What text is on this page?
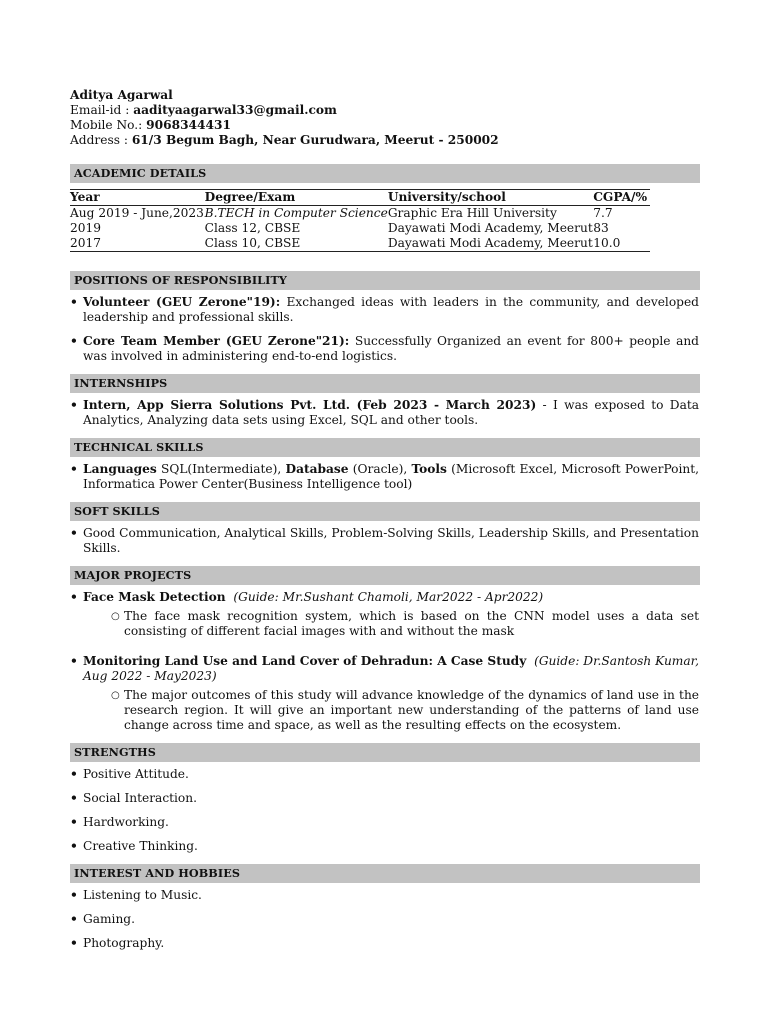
Aditya Agarwal
Email-id : aadityaagarwal33@gmail.com
Mobile No.: 9068344431
Address : 61/3 Begum Bagh, Near Gurudwara, Meerut - 250002
ACADEMIC DETAILS
Year	Degree/Exam	University/school	CGPA/%
Aug 2019 - June,2023	B.TECH in Computer Science	Graphic Era Hill University	7.7
2019	Class 12, CBSE	Dayawati Modi Academy, Meerut	83
2017	Class 10, CBSE	Dayawati Modi Academy, Meerut	10.0
POSITIONS OF RESPONSIBILITY
• Volunteer (GEU Zerone"19): Exchanged ideas with leaders in the community, and developed leadership and professional skills.
• Core Team Member (GEU Zerone"21): Successfully Organized an event for 800+ people and was involved in administering end-to-end logistics.
INTERNSHIPS
• Intern, App Sierra Solutions Pvt. Ltd. (Feb 2023 - March 2023) - I was exposed to Data Analytics, Analyzing data sets using Excel, SQL and other tools.
TECHNICAL SKILLS
• Languages SQL(Intermediate), Database (Oracle), Tools (Microsoft Excel, Microsoft PowerPoint, Informatica Power Center(Business Intelligence tool)
SOFT SKILLS
• Good Communication, Analytical Skills, Problem-Solving Skills, Leadership Skills, and Presentation Skills.
MAJOR PROJECTS
• Face Mask Detection (Guide: Mr.Sushant Chamoli, Mar2022 - Apr2022)
○ The face mask recognition system, which is based on the CNN model uses a data set consisting of different facial images with and without the mask
• Monitoring Land Use and Land Cover of Dehradun: A Case Study (Guide: Dr.Santosh Kumar, Aug 2022 - May2023)
○ The major outcomes of this study will advance knowledge of the dynamics of land use in the research region. It will give an important new understanding of the patterns of land use change across time and space, as well as the resulting effects on the ecosystem.
STRENGTHS
• Positive Attitude.
• Social Interaction.
• Hardworking.
• Creative Thinking.
INTEREST AND HOBBIES
• Listening to Music.
• Gaming.
• Photography.
